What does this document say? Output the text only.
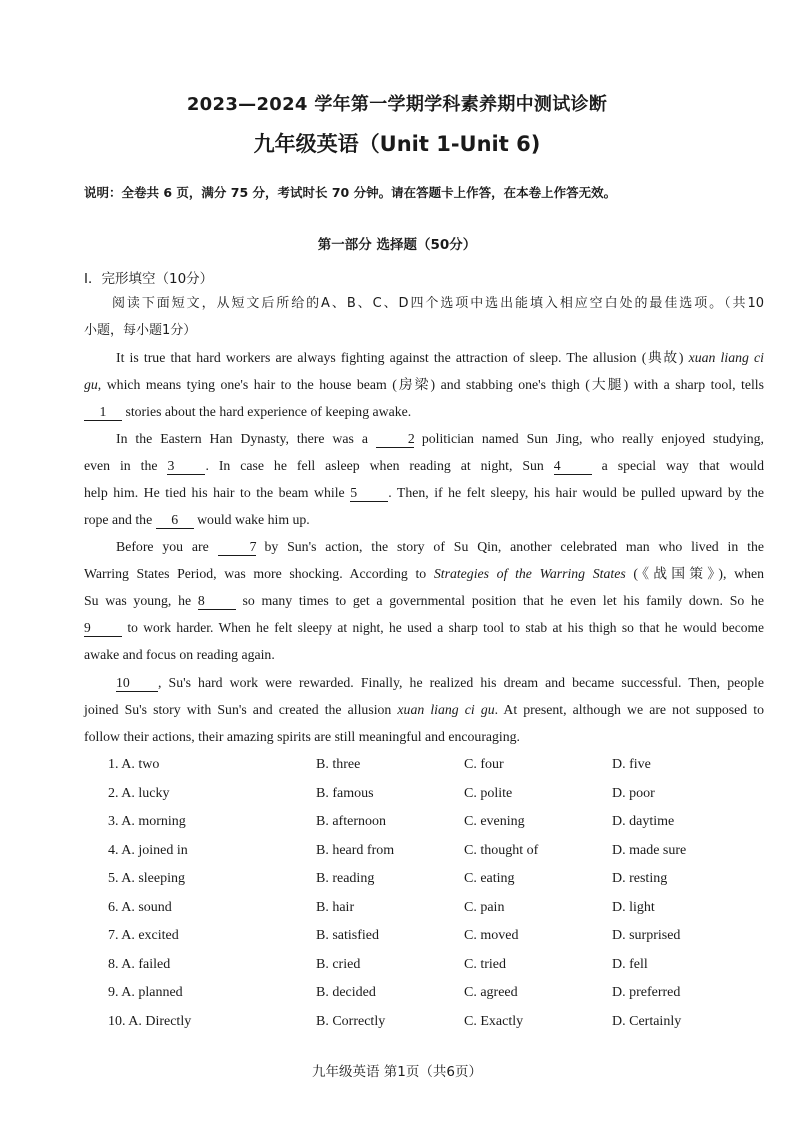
2023—2024 学年第一学期学科素养期中测试诊断
九年级英语（Unit 1-Unit 6)
说明：全卷共 6 页，满分 75 分，考试时长 70 分钟。请在答题卡上作答，在本卷上作答无效。
第一部分 选择题（50分）
I．完形填空（10分）
阅读下面短文，从短文后所给的A、B、C、D四个选项中选出能填入相应空白处的最佳选项。（共10
小题，每小题1分）
It is true that hard workers are always fighting against the attraction of sleep. The allusion (典故) xuan liang ci
gu, which means tying one's hair to the house beam (房梁) and stabbing one's thigh (大腿) with a sharp tool, tells
1 stories about the hard experience of keeping awake.
In the Eastern Han Dynasty, there was a 2 politician named Sun Jing, who really enjoyed studying,
even in the 3 . In case he fell asleep when reading at night, Sun 4 a special way that would
help him. He tied his hair to the beam while 5 . Then, if he felt sleepy, his hair would be pulled upward by the
rope and the 6 would wake him up.
Before you are 7 by Sun's action, the story of Su Qin, another celebrated man who lived in the
Warring States Period, was more shocking. According to Strategies of the Warring States (《战国策》), when
Su was young, he 8 so many times to get a governmental position that he even let his family down. So he
9 to work harder. When he felt sleepy at night, he used a sharp tool to stab at his thigh so that he would become
awake and focus on reading again.
10 , Su's hard work were rewarded. Finally, he realized his dream and became successful. Then, people
joined Su's story with Sun's and created the allusion xuan liang ci gu. At present, although we are not supposed to
follow their actions, their amazing spirits are still meaningful and encouraging.
1. A. two	B. three	C. four	D. five
2. A. lucky	B. famous	C. polite	D. poor
3. A. morning	B. afternoon	C. evening	D. daytime
4. A. joined in	B. heard from	C. thought of	D. made sure
5. A. sleeping	B. reading	C. eating	D. resting
6. A. sound	B. hair	C. pain	D. light
7. A. excited	B. satisfied	C. moved	D. surprised
8. A. failed	B. cried	C. tried	D. fell
9. A. planned	B. decided	C. agreed	D. preferred
10. A. Directly	B. Correctly	C. Exactly	D. Certainly
九年级英语 第1页（共6页）
